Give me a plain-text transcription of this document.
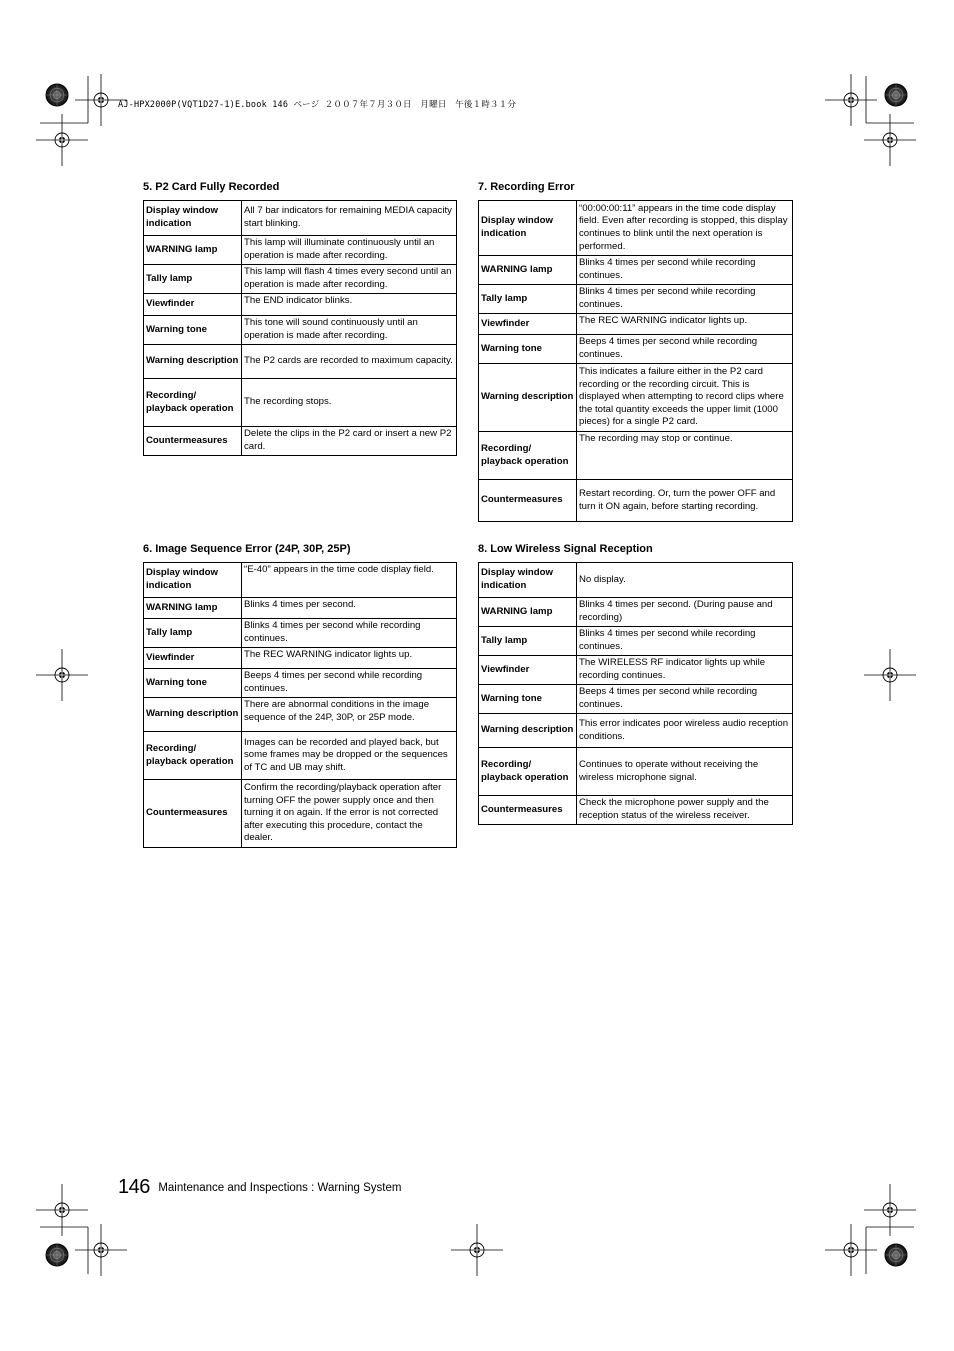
AJ-HPX2000P(VQT1D27-1)E.book 146 ページ ２００７年７月３０日　月曜日　午後１時３１分
5. P2 Card Fully Recorded
Display window indication	All 7 bar indicators for remaining MEDIA capacity start blinking.
WARNING lamp	This lamp will illuminate continuously until an operation is made after recording.
Tally lamp	This lamp will flash 4 times every second until an operation is made after recording.
Viewfinder	The END indicator blinks.
Warning tone	This tone will sound continuously until an operation is made after recording.
Warning description	The P2 cards are recorded to maximum capacity.
Recording/ playback operation	The recording stops.
Countermeasures	Delete the clips in the P2 card or insert a new P2 card.
7. Recording Error
Display window indication	“00:00:00:11” appears in the time code display field. Even after recording is stopped, this display continues to blink until the next operation is performed.
WARNING lamp	Blinks 4 times per second while recording continues.
Tally lamp	Blinks 4 times per second while recording continues.
Viewfinder	The REC WARNING indicator lights up.
Warning tone	Beeps 4 times per second while recording continues.
Warning description	This indicates a failure either in the P2 card recording or the recording circuit. This is displayed when attempting to record clips where the total quantity exceeds the upper limit (1000 pieces) for a single P2 card.
Recording/ playback operation	The recording may stop or continue.
Countermeasures	Restart recording. Or, turn the power OFF and turn it ON again, before starting recording.
6. Image Sequence Error (24P, 30P, 25P)
Display window indication	“E-40” appears in the time code display field.
WARNING lamp	Blinks 4 times per second.
Tally lamp	Blinks 4 times per second while recording continues.
Viewfinder	The REC WARNING indicator lights up.
Warning tone	Beeps 4 times per second while recording continues.
Warning description	There are abnormal conditions in the image sequence of the 24P, 30P, or 25P mode.
Recording/ playback operation	Images can be recorded and played back, but some frames may be dropped or the sequences of TC and UB may shift.
Countermeasures	Confirm the recording/playback operation after turning OFF the power supply once and then turning it on again. If the error is not corrected after executing this procedure, contact the dealer.
8. Low Wireless Signal Reception
Display window indication	No display.
WARNING lamp	Blinks 4 times per second. (During pause and recording)
Tally lamp	Blinks 4 times per second while recording continues.
Viewfinder	The WIRELESS RF indicator lights up while recording continues.
Warning tone	Beeps 4 times per second while recording continues.
Warning description	This error indicates poor wireless audio reception conditions.
Recording/ playback operation	Continues to operate without receiving the wireless microphone signal.
Countermeasures	Check the microphone power supply and the reception status of the wireless receiver.
146 Maintenance and Inspections : Warning System
